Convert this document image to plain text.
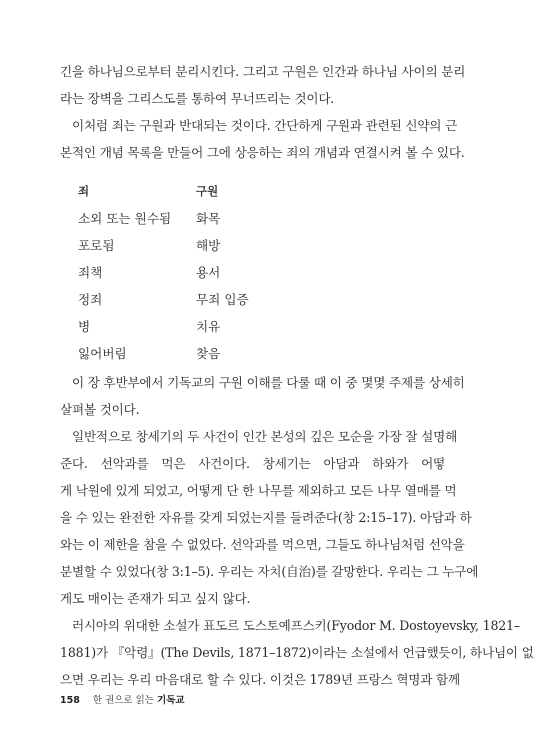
긴을 하나님으로부터 분리시킨다. 그리고 구원은 인간과 하나님 사이의 분리
라는 장벽을 그리스도를 통하여 무너뜨리는 것이다.
이처럼 죄는 구원과 반대되는 것이다. 간단하게 구원과 관련된 신약의 근
본적인 개념 목록을 만들어 그에 상응하는 죄의 개념과 연결시켜 볼 수 있다.
죄	구원
소외 또는 원수됨	화목
포로됨	해방
죄책	용서
정죄	무죄 입증
병	치유
잃어버림	찾음
이 장 후반부에서 기독교의 구원 이해를 다룰 때 이 중 몇몇 주제를 상세히
살펴볼 것이다.
일반적으로 창세기의 두 사건이 인간 본성의 깊은 모순을 가장 잘 설명해
준다. 선악과를 먹은 사건이다. 창세기는 아담과 하와가 어떻
게 낙원에 있게 되었고, 어떻게 단 한 나무를 제외하고 모든 나무 열매를 먹
을 수 있는 완전한 자유를 갖게 되었는지를 들려준다(창 2:15–17). 아담과 하
와는 이 제한을 참을 수 없었다. 선악과를 먹으면, 그들도 하나님처럼 선악을
분별할 수 있었다(창 3:1–5). 우리는 자치(自治)를 갈망한다. 우리는 그 누구에
게도 매이는 존재가 되고 싶지 않다.
러시아의 위대한 소설가 표도르 도스토예프스키(Fyodor M. Dostoyevsky, 1821–
1881)가 『악령』(The Devils, 1871–1872)이라는 소설에서 언급했듯이, 하나님이 없
으면 우리는 우리 마음대로 할 수 있다. 이것은 1789년 프랑스 혁명과 함께
158 한 권으로 읽는 기독교
